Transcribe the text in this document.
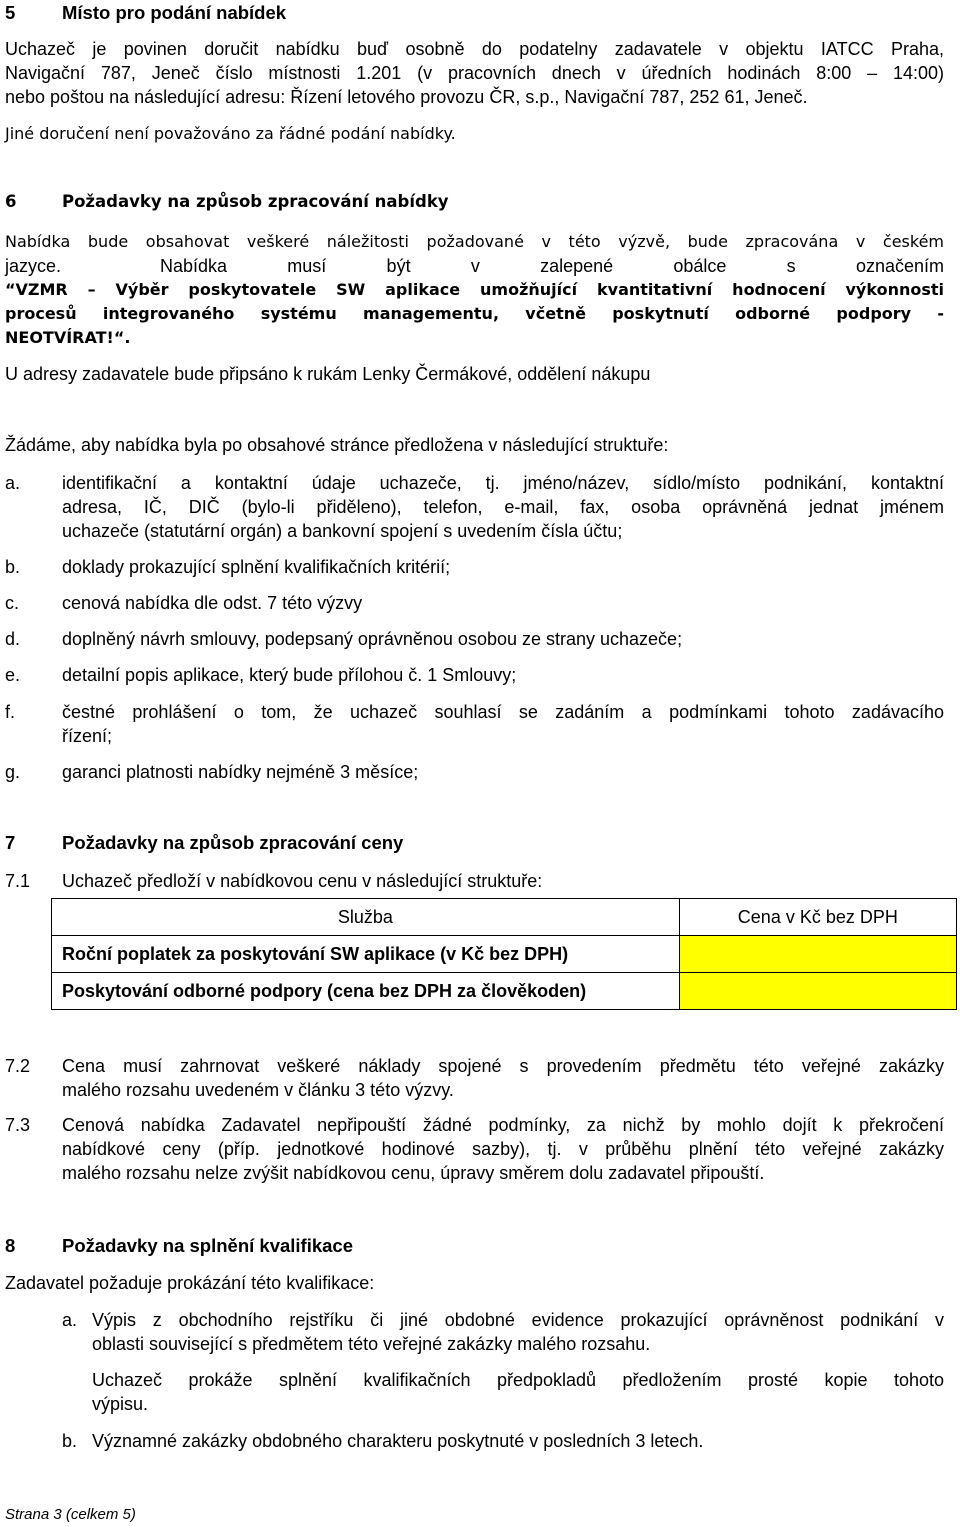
5	Místo pro podání nabídek
Uchazeč je povinen doručit nabídku buď osobně do podatelny zadavatele v objektu IATCC Praha,
Navigační 787, Jeneč číslo místnosti 1.201 (v pracovních dnech v úředních hodinách 8:00 – 14:00)
nebo poštou na následující adresu: Řízení letového provozu ČR, s.p., Navigační 787, 252 61, Jeneč.
Jiné doručení není považováno za řádné podání nabídky.
6	Požadavky na způsob zpracování nabídky
Nabídka bude obsahovat veškeré náležitosti požadované v této výzvě, bude zpracována v českém
jazyce.	Nabídka musí být v zalepené obálce s označením
“VZMR – Výběr poskytovatele SW aplikace umožňující kvantitativní hodnocení výkonnosti
procesů integrovaného systému managementu, včetně poskytnutí odborné podpory -
NEOTVÍRAT!“.
U adresy zadavatele bude připsáno k rukám Lenky Čermákové, oddělení nákupu
Žádáme, aby nabídka byla po obsahové stránce předložena v následující struktuře:
a. identifikační a kontaktní údaje uchazeče, tj. jméno/název, sídlo/místo podnikání, kontaktní
adresa, IČ, DIČ (bylo-li přiděleno), telefon, e-mail, fax, osoba oprávněná jednat jménem
uchazeče (statutární orgán) a bankovní spojení s uvedením čísla účtu;
b. doklady prokazující splnění kvalifikačních kritérií;
c. cenová nabídka dle odst. 7 této výzvy
d. doplněný návrh smlouvy, podepsaný oprávněnou osobou ze strany uchazeče;
e. detailní popis aplikace, který bude přílohou č. 1 Smlouvy;
f.	čestné prohlášení o tom, že uchazeč souhlasí se zadáním a podmínkami tohoto zadávacího
řízení;
g. garanci platnosti nabídky nejméně 3 měsíce;
7	Požadavky na způsob zpracování ceny
7.1 Uchazeč předloží v nabídkovou cenu v následující struktuře:
Služba	Cena v Kč bez DPH
Roční poplatek za poskytování SW aplikace (v Kč bez DPH)	
Poskytování odborné podpory (cena bez DPH za člověkoden)	
7.2 Cena musí zahrnovat veškeré náklady spojené s provedením předmětu této veřejné zakázky
malého rozsahu uvedeném v článku 3 této výzvy.
7.3 Cenová nabídka Zadavatel nepřipouští žádné podmínky, za nichž by mohlo dojít k překročení
nabídkové ceny (příp. jednotkové hodinové sazby), tj. v průběhu plnění této veřejné zakázky
malého rozsahu nelze zvýšit nabídkovou cenu, úpravy směrem dolu zadavatel připouští.
8	Požadavky na splnění kvalifikace
Zadavatel požaduje prokázání této kvalifikace:
a. Výpis z obchodního rejstříku či jiné obdobné evidence prokazující oprávněnost podnikání v
oblasti související s předmětem této veřejné zakázky malého rozsahu.
Uchazeč prokáže splnění kvalifikačních předpokladů předložením prosté kopie tohoto
výpisu.
b. Významné zakázky obdobného charakteru poskytnuté v posledních 3 letech.
Strana 3 (celkem 5)
